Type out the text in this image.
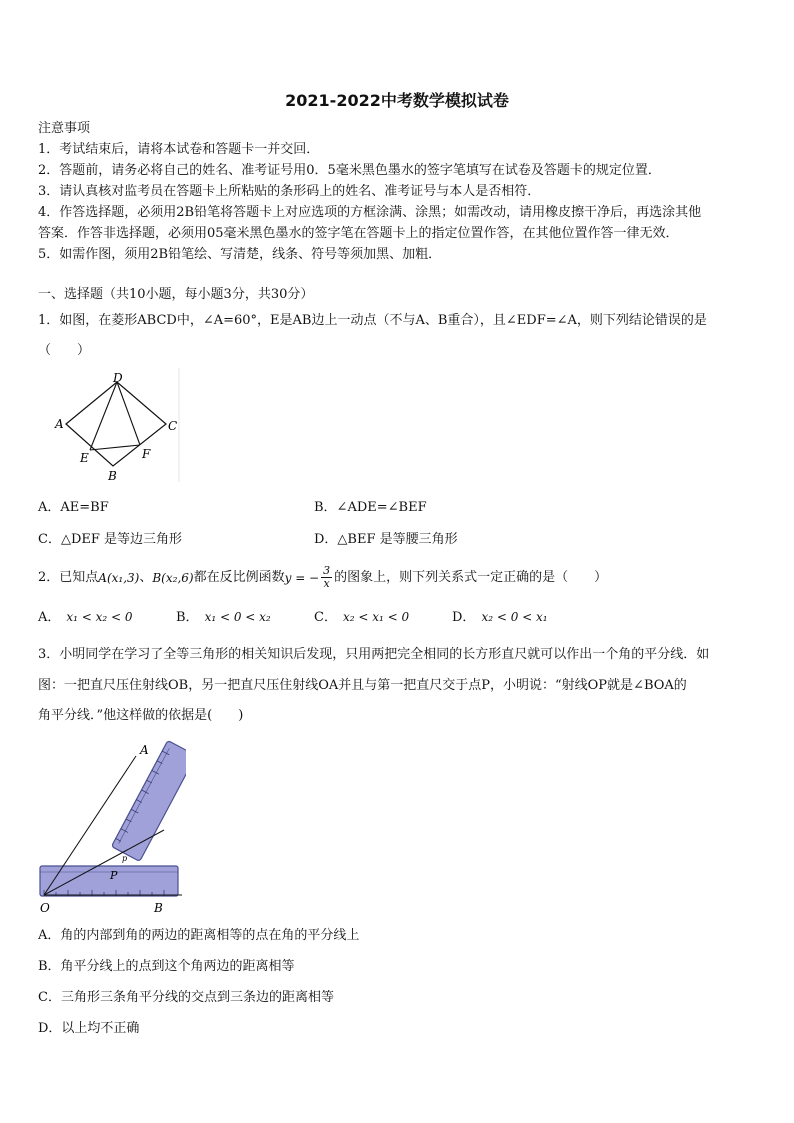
2021-2022中考数学模拟试卷
注意事项
1．考试结束后，请将本试卷和答题卡一并交回．
2．答题前，请务必将自己的姓名、准考证号用0．5毫米黑色墨水的签字笔填写在试卷及答题卡的规定位置．
3．请认真核对监考员在答题卡上所粘贴的条形码上的姓名、准考证号与本人是否相符．
4．作答选择题，必须用2B铅笔将答题卡上对应选项的方框涂满、涂黑；如需改动，请用橡皮擦干净后，再选涂其他
答案．作答非选择题，必须用05毫米黑色墨水的签字笔在答题卡上的指定位置作答，在其他位置作答一律无效．
5．如需作图，须用2B铅笔绘、写清楚，线条、符号等须加黑、加粗．
一、选择题（共10小题，每小题3分，共30分）
1．如图，在菱形ABCD中，∠A=60°，E是AB边上一动点（不与A、B重合），且∠EDF=∠A，则下列结论错误的是
（　　）
D
A	C
E	F
B
A．AE=BF	B．∠ADE=∠BEF
C．△DEF 是等边三角形	D．△BEF 是等腰三角形
2．已知点 A(x₁,3) 、 B(x₂,6) 都在反比例函数 y = − $\frac{3}{x}$ 的图象上，则下列关系式一定正确的是（　　）
A． x₁ < x₂ < 0	B． x₁ < 0 < x₂	C． x₂ < x₁ < 0	D． x₂ < 0 < x₁
3．小明同学在学习了全等三角形的相关知识后发现，只用两把完全相同的长方形直尺就可以作出一个角的平分线．如
图：一把直尺压住射线OB，另一把直尺压住射线OA并且与第一把直尺交于点P，小明说：“射线OP就是∠BOA的
角平分线．”他这样做的依据是(　　)
A
O	B
P
p
A．角的内部到角的两边的距离相等的点在角的平分线上
B．角平分线上的点到这个角两边的距离相等
C．三角形三条角平分线的交点到三条边的距离相等
D．以上均不正确
